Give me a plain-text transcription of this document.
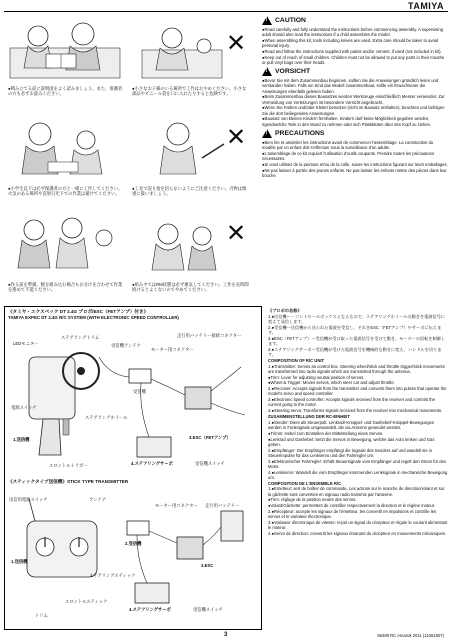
TAMIYA
●積み立てる前に説明図をよく読みましょう。また、保護者の方も必ずお読みください。
✕
●小さなお子様のいる場所で工作はおやめください。小さな部品やビニール袋を口に入れたりすると危険です。
●小学生以下は必ず保護者の方と一緒に工作してください。火気のある場所や直射日光下での作業は避けてください。
✕
●工具で誤り指を切らないようにご注意ください。刃物は慎重に扱いましょう。
●作る前を準備、数を組み込む場合もお分けを合わせて作業を進めて不能ください。
✕
●組みタてはRM状態は必ず換気してください。工作を長時間続けるとよくないのでやめてください。
!
CAUTION

●Read carefully and fully understand the instructions before commencing assembly. A supervising adult should also read the instructions if a child assembles the model.

●When assembling this kit, tools including knives are used. Extra care should be taken to avoid personal injury.

●Read and follow the instructions supplied with paints and/or cement, if used (not included in kit).

●Keep out of reach of small children. Children must not be allowed to put any parts in their mouths or pull vinyl bags over their heads.

!
VORSICHT

●Bevor Sie mit dem Zusammenbau beginnen, sollten Sie die Anweisungen gründlich lesen und verstanden haben. Falls ein Kind das Modell zusammenbaut, sollte ein Erwachsener die Anweisungen ebenfalls gelesen haben.

●Beim Zusammenbau dieses Bausatzes werden Werkzeuge einschließlich Messer verwendet. Zur Vermeidung von Verletzungen ist besondere Vorsicht angebracht.

●Wenn Sie Farben und/oder Kleber benutzen (nicht im Bausatz enthalten), beachten und befolgen Sie die dort beiliegenden Anweisungen.

●Bausatz von kleinen Kindern fernhalten. Kindern darf keine Möglichkeit gegeben werden, irgendwelche Teile in den Mund zu nehmen oder sich Plastiktüten über den Kopf zu ziehen.

!
PRECAUTIONS

●Bien lire et assimiler les instructions avant de commencer l'assemblage. La construction du modèle par un enfant doit s'effectuer sous la surveillance d'un adulte.

●L'assemblage de ce kit requiert l'utilisation d'outils coupants. Prendre toutes les précautions nécessaires.

●Si vous utilisez de la peinture et/ou de la colle, suivre les instructions figurant sur leurs emballages.

●Ne pas laisser à portée des jeunes enfants. Ne pas laisser les enfants mettre des pièces dans leur bouche.

《タミヤ・エクスペック DT 2.4G プロポ/ESC（FETアンプ）付き》
TAMIYA EXPEC DT 2.4G R/C SYSTEM (WITH ELECTRONIC SPEED CONTROLLER)
LEDモニター
ステアリングトリム
受信機アンテナ
モーター用コネクター
走行用バッテリー接続コネクター
受信機
電源スイッチ
ステアリングホイール
1.送信機
スロットルトリガー
3.ESC（FETアンプ）
4.ステアリングサーボ	受信機スイッチ
《スティックタイプ送信機》STICK TYPE TRANSMITTER
送信用電源スイッチ	アンテナ
モーター用コネクター 走行用バッテリー
1.送信機
2.受信機
3.ESC
ステアリングスティック
スロットルスティック
トリム
4.ステアリングサーボ	受信機スイッチ

《プロポの名称》

1.●送信機ー・コントロールボックスとなるもので、ステアリングホイールの動きを電波信号に変えて発信します。

2.●受信機ー送信機から送られた電波を受信し、それをESC（FETアンプ）やサーボに伝えます。

3.●ESC（FETアンプ）ー受信機が受け取った電波信号を受けて動き、モーターの回転を制御します。

4.●ステアリングサーボー受信機が受けた電波信号を機械的な動きに変え、ハンドルを切ります。

COMPOSITION OF R/C UNIT

1.●Transmitter: Serves as control box. Steering wheel/stick and throttle trigger/stick movements are transformed into radio signals which are transmitted through the antenna.

●Trim: Lever for adjusting neutral position of servos.

●Wheel & Trigger: Moves servos, which steer car and adjust throttle.

2.●Receiver: Accepts signals from the transmitter and converts them into pulses that operate the model's servo and speed controller.

3.●Electronic speed controller: Accepts signals received from the receiver and controls the current going to the motor.

4.●Steering servo: Transforms signals received from the receiver into mechanical movements.

ZUSAMMENSTELLUNG DER RC-EINHEIT

1.●Sender: Dient als Steuerpult. Lenkrad/-Knüppel- und Gashebel/-Knüppel-Bewegungen werden in Funksignale umgewandelt, die via Antenne gesendet werden.

●Trimm: Hebel zum Einstellen der Mittelstellung eines Servos.

●Lenkrad und Gashebel: Setzt die Servos in Bewegung, welche das Auto lenken und Gas geben.

2.●Empfänger: Der Empfänger empfängt die Signale des Senders auf und wandelt sie in Steuerimpulse für das Lenkservo und den Fahrregler um.

3.●Elektronischer Fahrregler: Erhält Steuersignale vom Empfänger und regelt den Strom für den Motor.

4.●Lenkservo: Wandelt die vom Empfänger kommenden Lenksignale in mechanische Bewegung um.

COMPOSITION DE L'ENSEMBLE R/C

1.●Emetteur: sert de boîtier de commande. Les actions sur le manche de direction/volant et sur la gâchette sont converties en signaux radio transmis par l'antenne.

●Trim: réglage de la position neutre des servos.

●Volant/Gâchette: permettent de contrôler respectivement la direction et le régime moteur.

2.●Récepteur: accepte les signaux de l'émetteur, les convertit en impulsions et contrôle les servos et le variateur électronique.

3.●Variateur électronique de vitesse: reçoit un signal du récepteur et régule le courant alimentant le moteur.

4.●Servo de direction: convertit les signaux émanant du récepteur en mouvements mécaniques.

3	58489 RC Amarok 2011 (11061807)
